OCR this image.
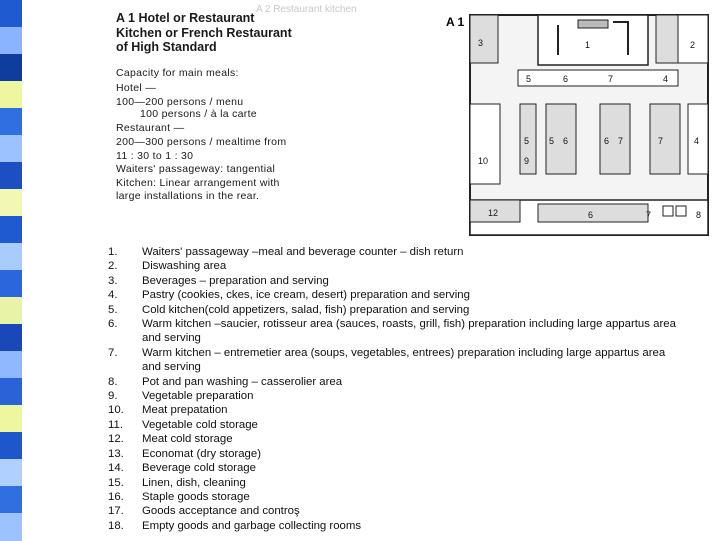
A 2 Restaurant kitchen
A 1 Hotel or Restaurant
Kitchen or French Restaurant
of High Standard
Capacity for main meals:
Hotel —
100—200 persons / menu
100 persons / à la carte
Restaurant —
200—300 persons / mealtime from
11 : 30 to 1 : 30
Waiters' passageway: tangential
Kitchen: Linear arrangement with
large installations in the rear.
A 1
2
1
3
5	6	7	4
5
9
5 6	6 7	7	4
10
12	6	7	8
1.	Waiters' passageway –meal and beverage counter – dish return
2.	Diswashing area
3.	Beverages – preparation and serving
4.	Pastry (cookies, ckes, ice cream, desert) preparation and serving
5.	Cold kitchen(cold appetizers, salad, fish) preparation and serving
6.	Warm kitchen –saucier, rotisseur area (sauces, roasts, grill, fish) preparation including large appartus area
and serving
7.	Warm kitchen – entremetier area (soups, vegetables, entrees) preparation including large appartus area
and serving
8.	Pot and pan washing – casserolier area
9.	Vegetable preparation
10.	Meat prepatation
11.	Vegetable cold storage
12.	Meat cold storage
13.	Economat (dry storage)
14.	Beverage cold storage
15.	Linen, dish, cleaning
16.	Staple goods storage
17.	Goods acceptance and controş
18.	Empty goods and garbage collecting rooms
